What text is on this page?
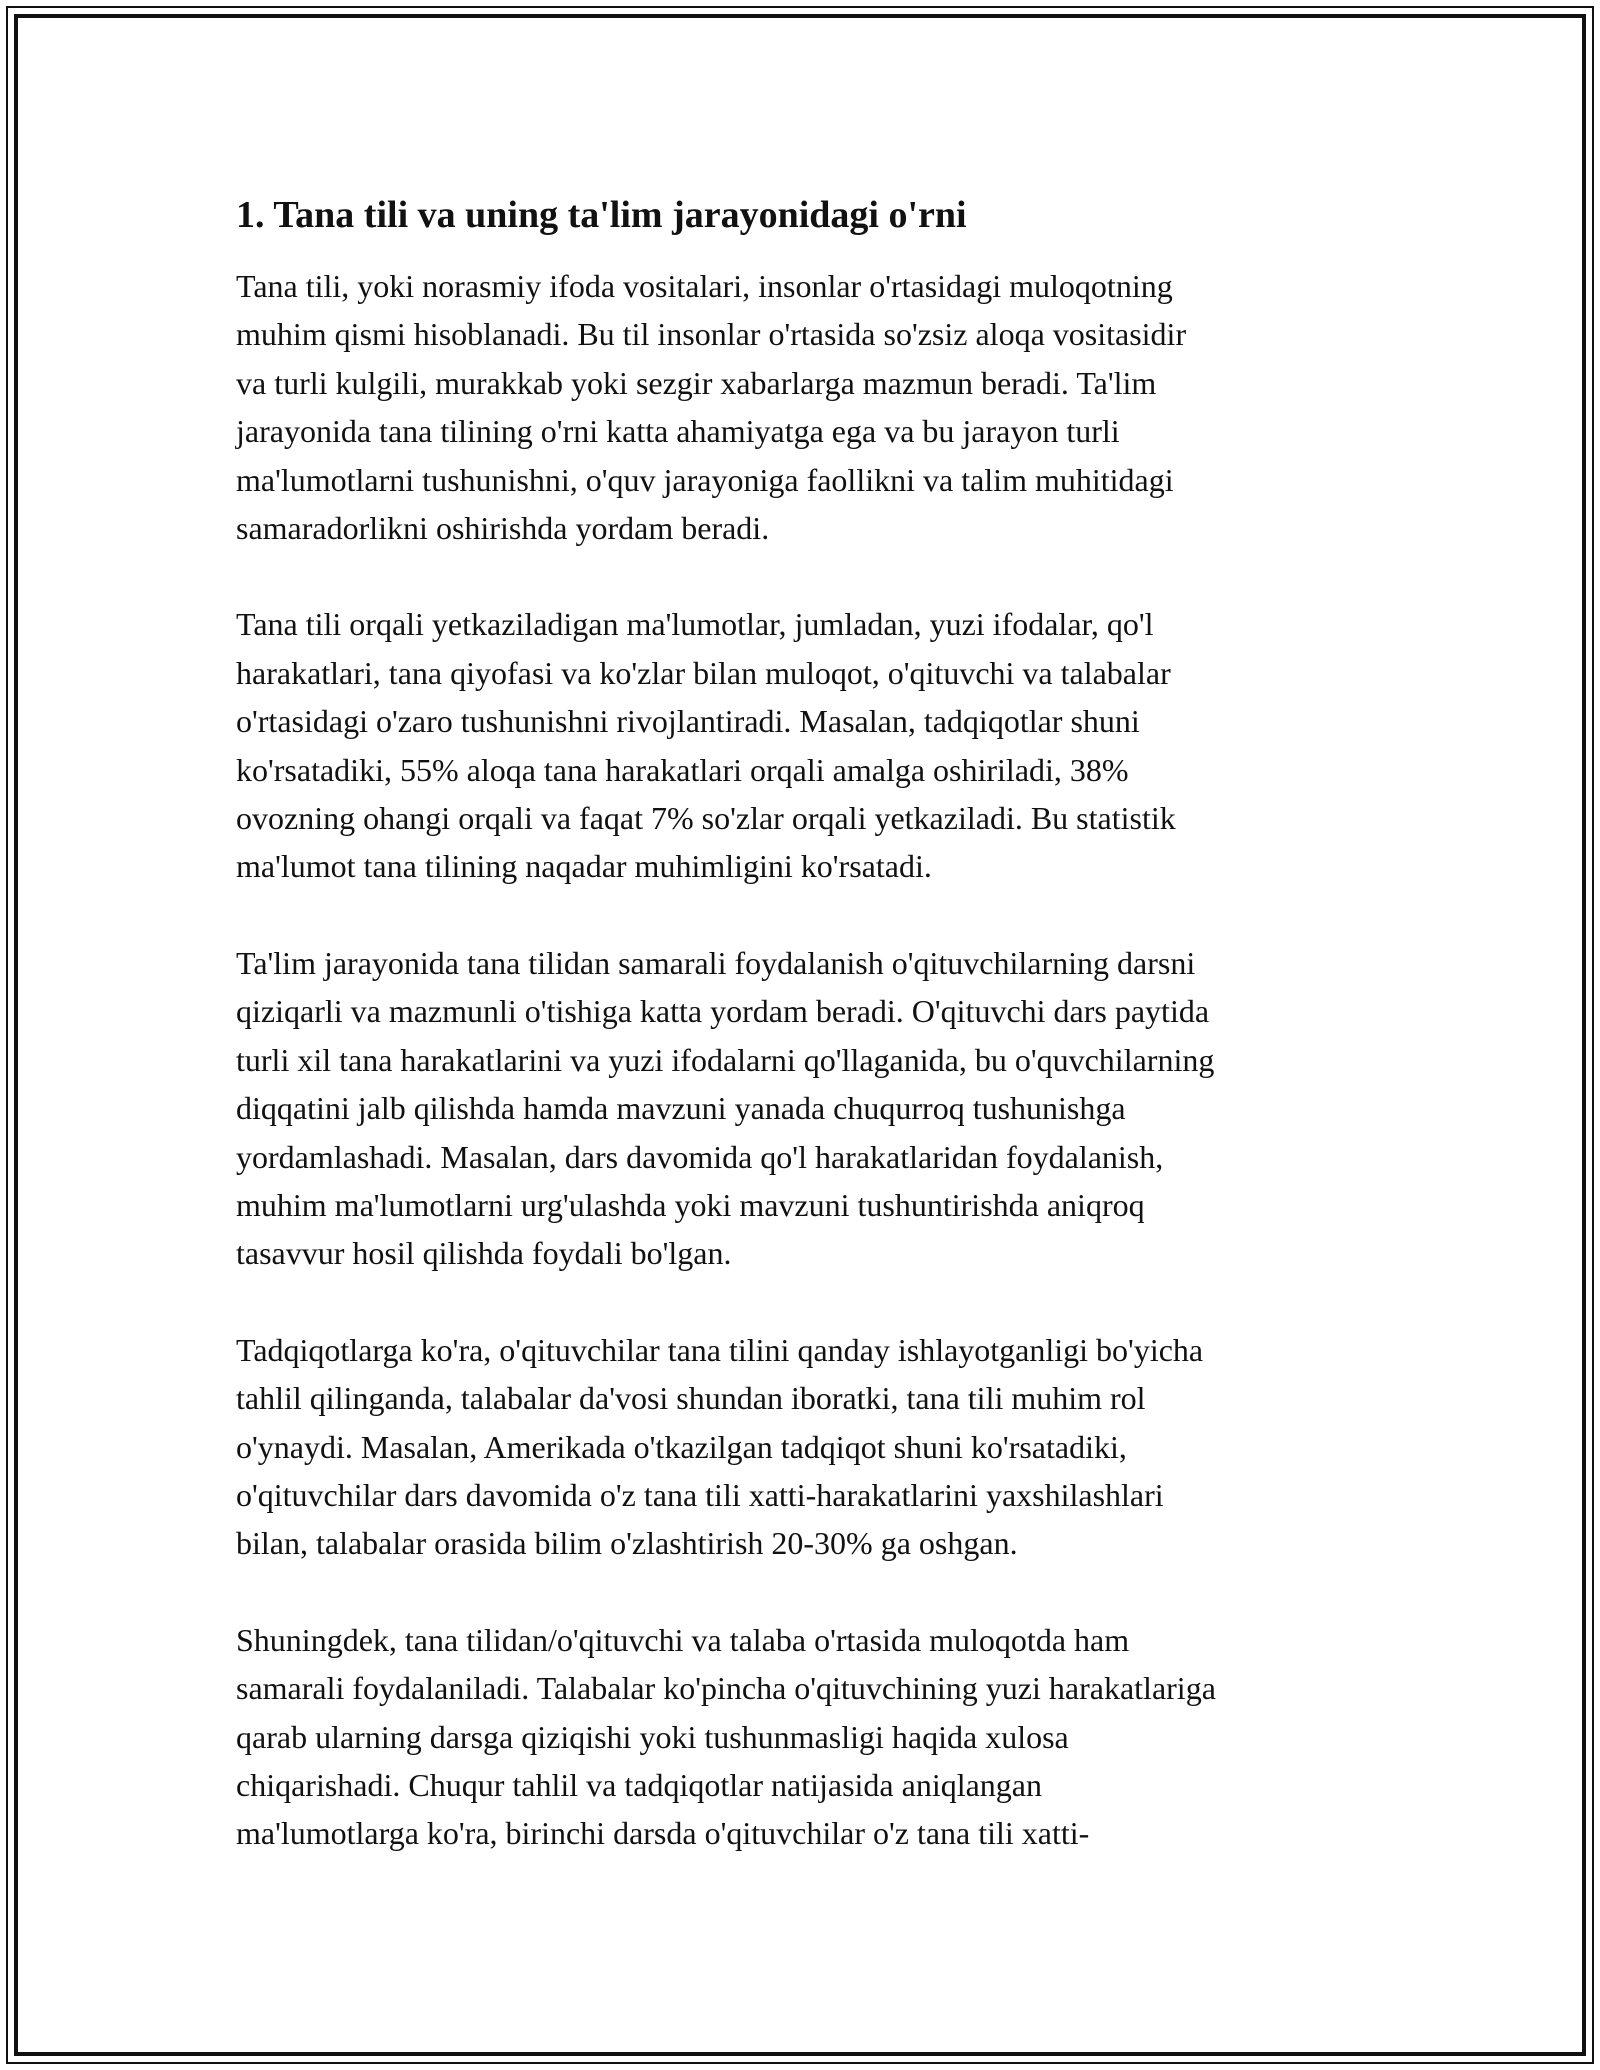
1. Tana tili va uning ta'lim jarayonidagi o'rni
Tana tili, yoki norasmiy ifoda vositalari, insonlar o'rtasidagi muloqotning
muhim qismi hisoblanadi. Bu til insonlar o'rtasida so'zsiz aloqa vositasidir
va turli kulgili, murakkab yoki sezgir xabarlarga mazmun beradi. Ta'lim
jarayonida tana tilining o'rni katta ahamiyatga ega va bu jarayon turli
ma'lumotlarni tushunishni, o'quv jarayoniga faollikni va talim muhitidagi
samaradorlikni oshirishda yordam beradi.
Tana tili orqali yetkaziladigan ma'lumotlar, jumladan, yuzi ifodalar, qo'l
harakatlari, tana qiyofasi va ko'zlar bilan muloqot, o'qituvchi va talabalar
o'rtasidagi o'zaro tushunishni rivojlantiradi. Masalan, tadqiqotlar shuni
ko'rsatadiki, 55% aloqa tana harakatlari orqali amalga oshiriladi, 38%
ovozning ohangi orqali va faqat 7% so'zlar orqali yetkaziladi. Bu statistik
ma'lumot tana tilining naqadar muhimligini ko'rsatadi.
Ta'lim jarayonida tana tilidan samarali foydalanish o'qituvchilarning darsni
qiziqarli va mazmunli o'tishiga katta yordam beradi. O'qituvchi dars paytida
turli xil tana harakatlarini va yuzi ifodalarni qo'llaganida, bu o'quvchilarning
diqqatini jalb qilishda hamda mavzuni yanada chuqurroq tushunishga
yordamlashadi. Masalan, dars davomida qo'l harakatlaridan foydalanish,
muhim ma'lumotlarni urg'ulashda yoki mavzuni tushuntirishda aniqroq
tasavvur hosil qilishda foydali bo'lgan.
Tadqiqotlarga ko'ra, o'qituvchilar tana tilini qanday ishlayotganligi bo'yicha
tahlil qilinganda, talabalar da'vosi shundan iboratki, tana tili muhim rol
o'ynaydi. Masalan, Amerikada o'tkazilgan tadqiqot shuni ko'rsatadiki,
o'qituvchilar dars davomida o'z tana tili xatti-harakatlarini yaxshilashlari
bilan, talabalar orasida bilim o'zlashtirish 20-30% ga oshgan.
Shuningdek, tana tilidan/o'qituvchi va talaba o'rtasida muloqotda ham
samarali foydalaniladi. Talabalar ko'pincha o'qituvchining yuzi harakatlariga
qarab ularning darsga qiziqishi yoki tushunmasligi haqida xulosa
chiqarishadi. Chuqur tahlil va tadqiqotlar natijasida aniqlangan
ma'lumotlarga ko'ra, birinchi darsda o'qituvchilar o'z tana tili xatti-
